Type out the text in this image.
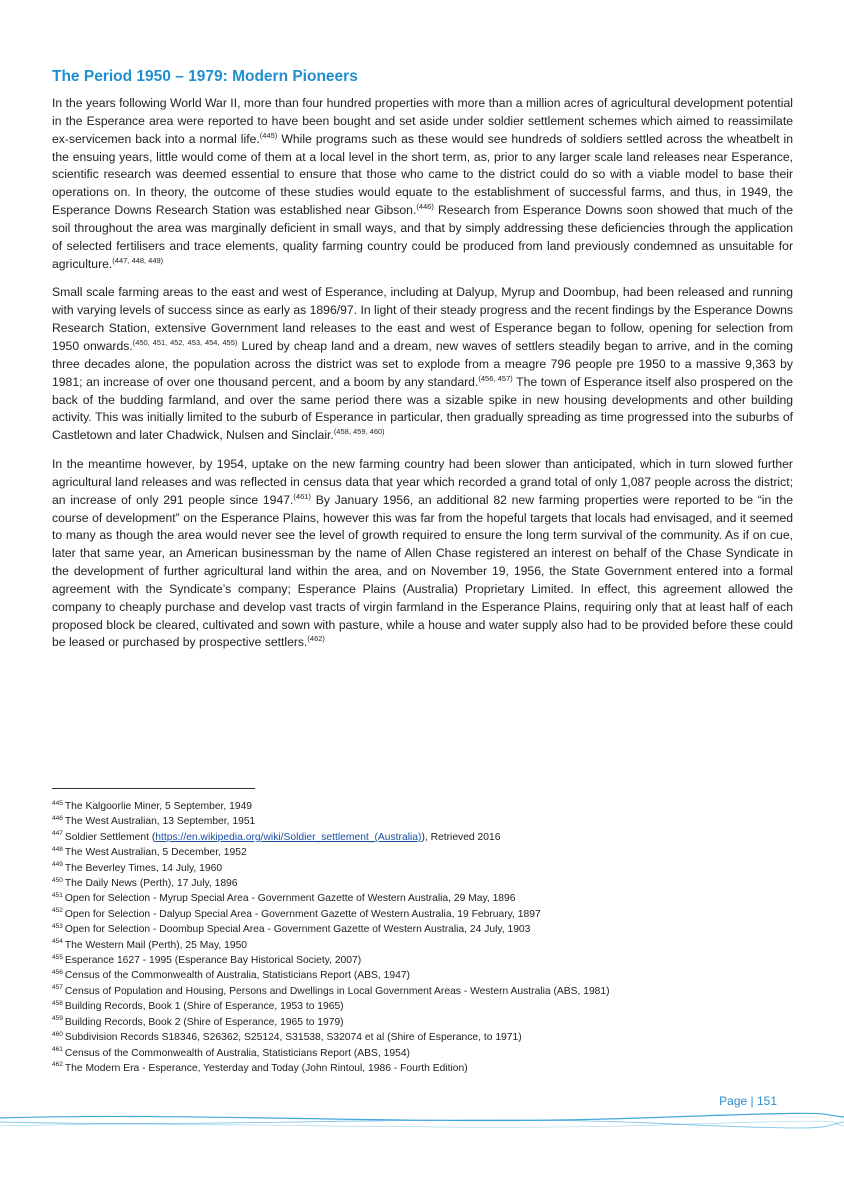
The Period 1950 – 1979: Modern Pioneers

In the years following World War II, more than four hundred properties with more than a million acres of agricultural development potential in the Esperance area were reported to have been bought and set aside under soldier settlement schemes which aimed to reassimilate ex-servicemen back into a normal life.$^{(445)}$ While programs such as these would see hundreds of soldiers settled across the wheatbelt in the ensuing years, little would come of them at a local level in the short term, as, prior to any larger scale land releases near Esperance, scientific research was deemed essential to ensure that those who came to the district could do so with a viable model to base their operations on. In theory, the outcome of these studies would equate to the establishment of successful farms, and thus, in 1949, the Esperance Downs Research Station was established near Gibson.$^{(446)}$ Research from Esperance Downs soon showed that much of the soil throughout the area was marginally deficient in small ways, and that by simply addressing these deficiencies through the application of selected fertilisers and trace elements, quality farming country could be produced from land previously condemned as unsuitable for agriculture.$^{(447, 448, 449)}$

Small scale farming areas to the east and west of Esperance, including at Dalyup, Myrup and Doombup, had been released and running with varying levels of success since as early as 1896/97. In light of their steady progress and the recent findings by the Esperance Downs Research Station, extensive Government land releases to the east and west of Esperance began to follow, opening for selection from 1950 onwards.$^{(450, 451, 452, 453, 454, 455)}$ Lured by cheap land and a dream, new waves of settlers steadily began to arrive, and in the coming three decades alone, the population across the district was set to explode from a meagre 796 people pre 1950 to a massive 9,363 by 1981; an increase of over one thousand percent, and a boom by any standard.$^{(456, 457)}$ The town of Esperance itself also prospered on the back of the budding farmland, and over the same period there was a sizable spike in new housing developments and other building activity. This was initially limited to the suburb of Esperance in particular, then gradually spreading as time progressed into the suburbs of Castletown and later Chadwick, Nulsen and Sinclair.$^{(458, 459, 460)}$

In the meantime however, by 1954, uptake on the new farming country had been slower than anticipated, which in turn slowed further agricultural land releases and was reflected in census data that year which recorded a grand total of only 1,087 people across the district; an increase of only 291 people since 1947.$^{(461)}$ By January 1956, an additional 82 new farming properties were reported to be “in the course of development” on the Esperance Plains, however this was far from the hopeful targets that locals had envisaged, and it seemed to many as though the area would never see the level of growth required to ensure the long term survival of the community. As if on cue, later that same year, an American businessman by the name of Allen Chase registered an interest on behalf of the Chase Syndicate in the development of further agricultural land within the area, and on November 19, 1956, the State Government entered into a formal agreement with the Syndicate’s company; Esperance Plains (Australia) Proprietary Limited. In effect, this agreement allowed the company to cheaply purchase and develop vast tracts of virgin farmland in the Esperance Plains, requiring only that at least half of each proposed block be cleared, cultivated and sown with pasture, while a house and water supply also had to be provided before these could be leased or purchased by prospective settlers.$^{(462)}$

$^{445}$ The Kalgoorlie Miner, 5 September, 1949
$^{446}$ The West Australian, 13 September, 1951
$^{447}$ Soldier Settlement (https://en.wikipedia.org/wiki/Soldier_settlement_(Australia)), Retrieved 2016
$^{448}$ The West Australian, 5 December, 1952
$^{449}$ The Beverley Times, 14 July, 1960
$^{450}$ The Daily News (Perth), 17 July, 1896
$^{451}$ Open for Selection - Myrup Special Area - Government Gazette of Western Australia, 29 May, 1896
$^{452}$ Open for Selection - Dalyup Special Area - Government Gazette of Western Australia, 19 February, 1897
$^{453}$ Open for Selection - Doombup Special Area - Government Gazette of Western Australia, 24 July, 1903
$^{454}$ The Western Mail (Perth), 25 May, 1950
$^{455}$ Esperance 1627 - 1995 (Esperance Bay Historical Society, 2007)
$^{456}$ Census of the Commonwealth of Australia, Statisticians Report (ABS, 1947)
$^{457}$ Census of Population and Housing, Persons and Dwellings in Local Government Areas - Western Australia (ABS, 1981)
$^{458}$ Building Records, Book 1 (Shire of Esperance, 1953 to 1965)
$^{459}$ Building Records, Book 2 (Shire of Esperance, 1965 to 1979)
$^{460}$ Subdivision Records S18346, S26362, S25124, S31538, S32074 et al (Shire of Esperance, to 1971)
$^{461}$ Census of the Commonwealth of Australia, Statisticians Report (ABS, 1954)
$^{462}$ The Modern Era - Esperance, Yesterday and Today (John Rintoul, 1986 - Fourth Edition)
Page | 151
